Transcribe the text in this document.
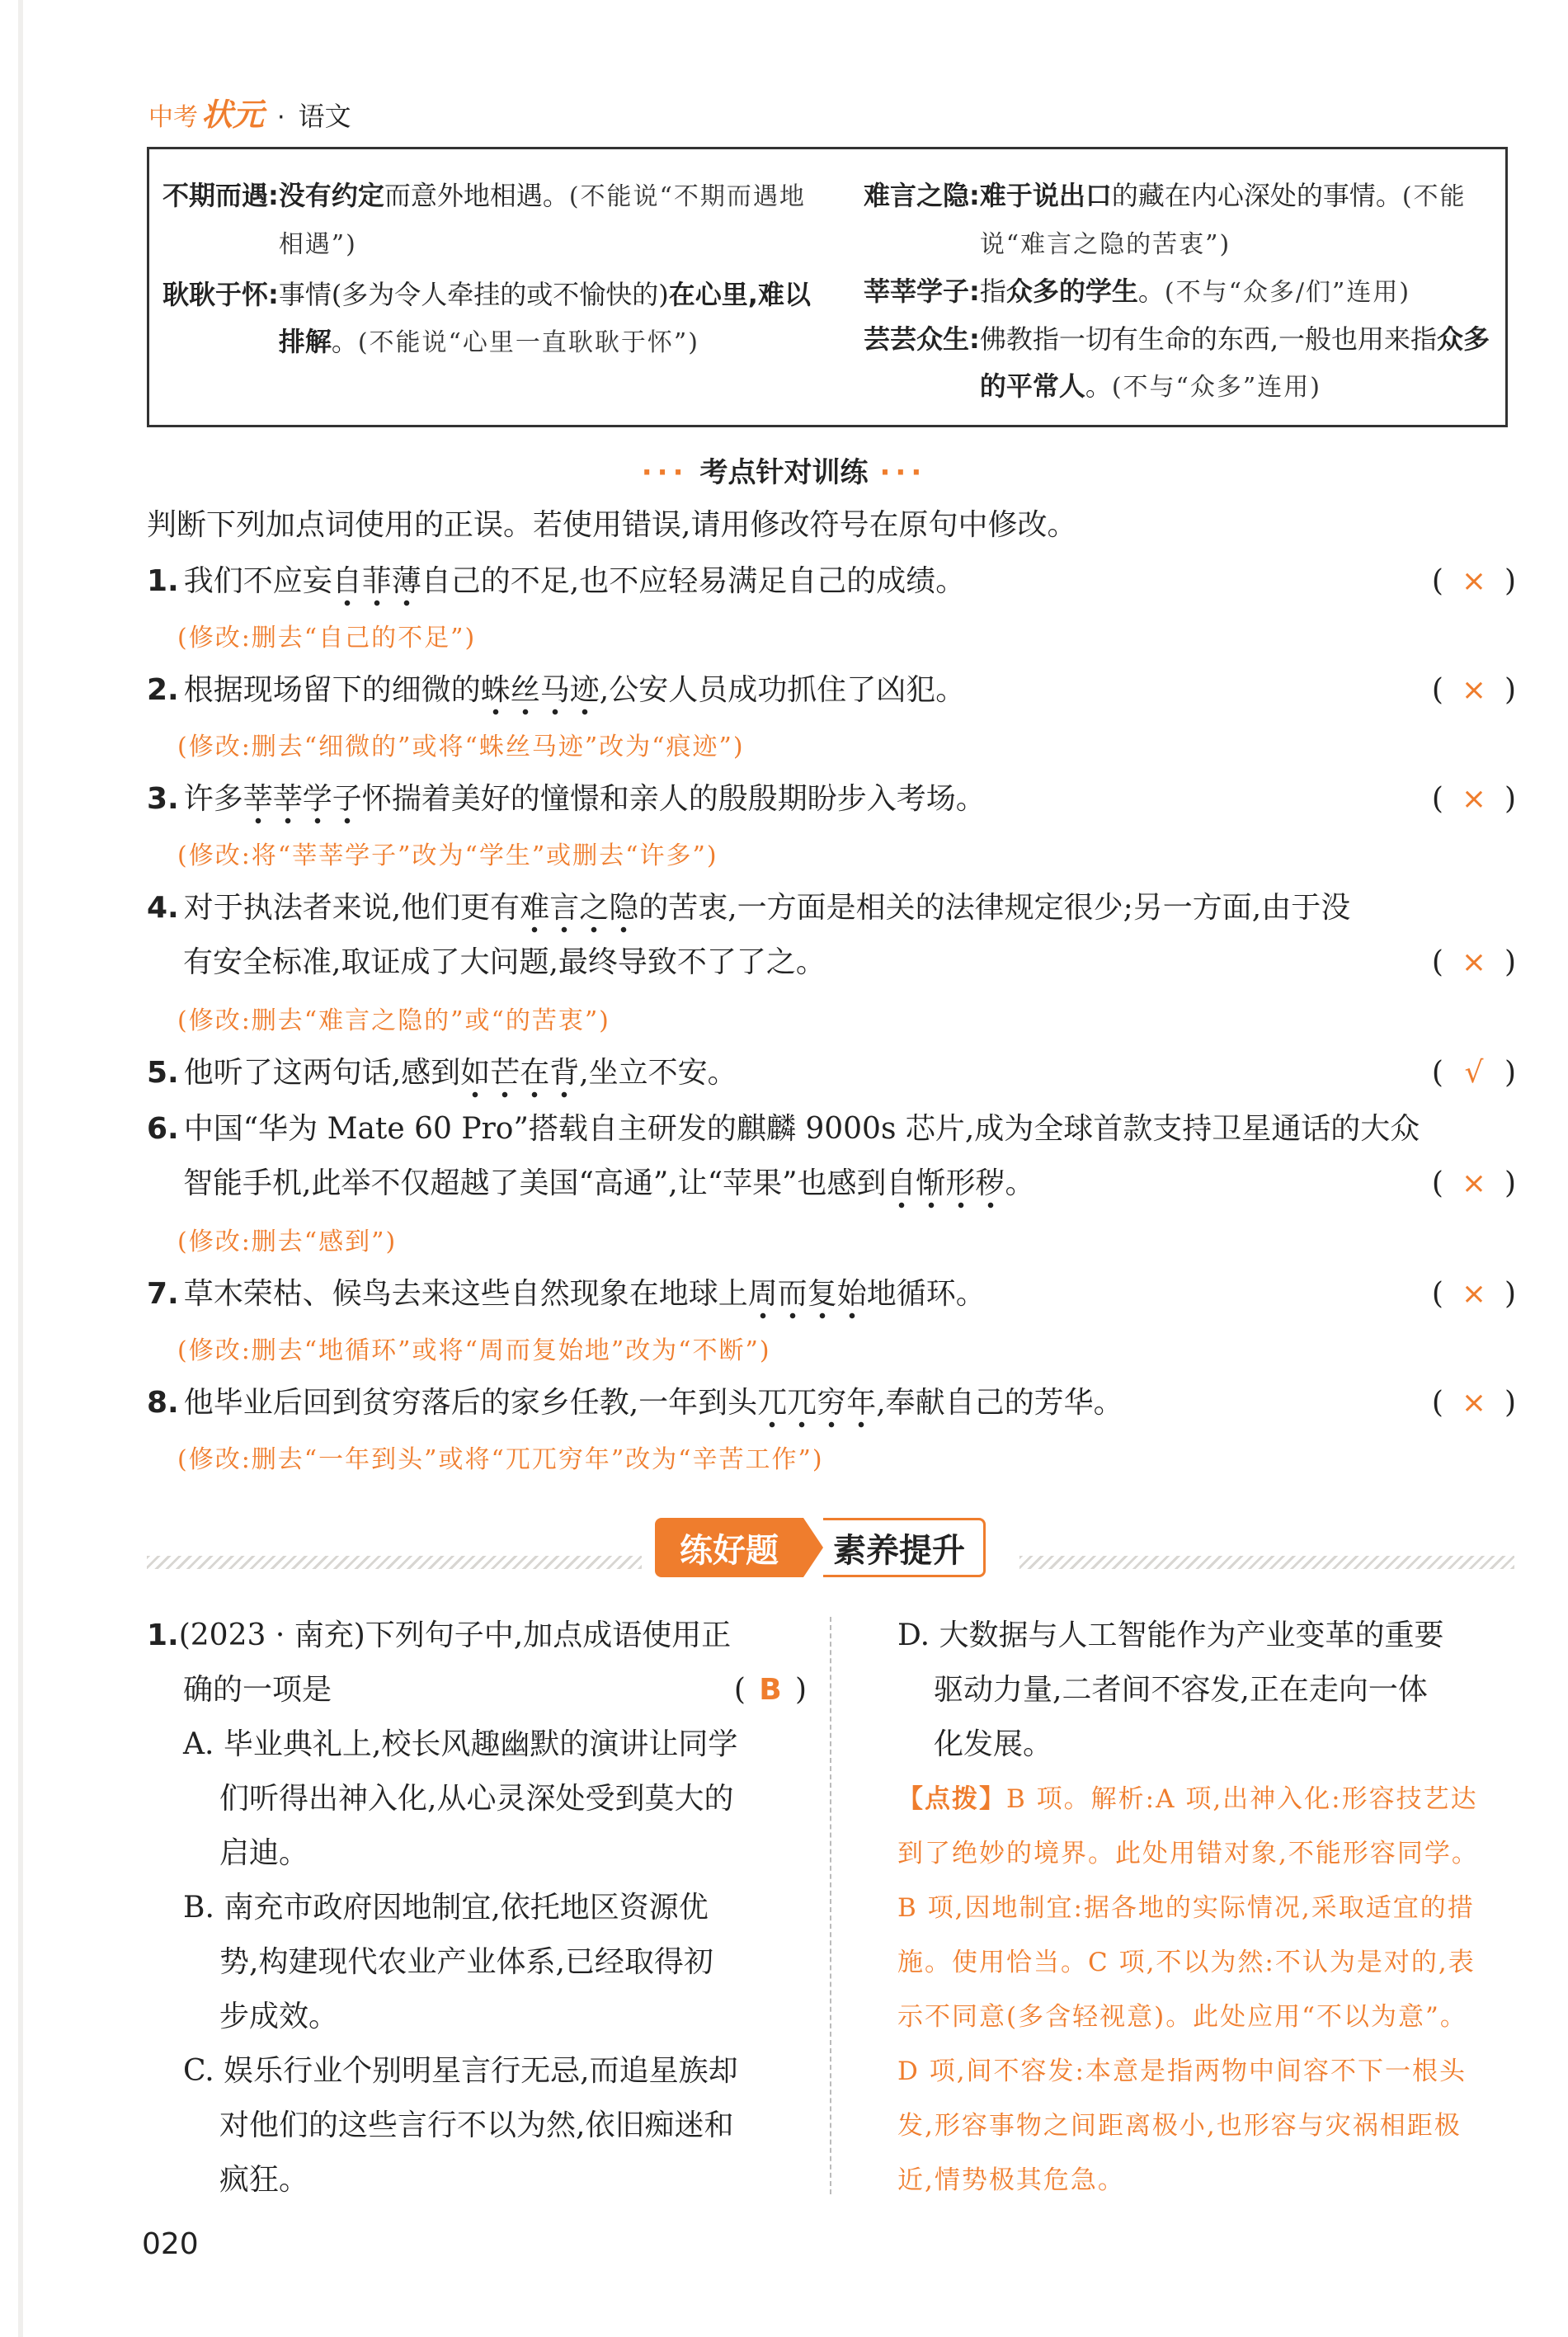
中考 状元 · 语文
不期而遇: 没有约定而意外地相遇。(不能说“不期而遇地相遇”)
耿耿于怀: 事情(多为令人牵挂的或不愉快的)在心里,难以排解。(不能说“心里一直耿耿于怀”)
难言之隐: 难于说出口的藏在内心深处的事情。(不能说“难言之隐的苦衷”)
莘莘学子: 指众多的学生。(不与“众多/们”连用)
芸芸众生: 佛教指一切有生命的东西,一般也用来指众多的平常人。(不与“众多”连用)
··· 考点针对训练 ···
判断下列加点词使用的正误。若使用错误,请用修改符号在原句中修改。
1. 我们不应妄自菲薄自己的不足,也不应轻易满足自己的成绩。	( × )
(修改:删去“自己的不足”)
2. 根据现场留下的细微的蛛丝马迹,公安人员成功抓住了凶犯。	( × )
(修改:删去“细微的”或将“蛛丝马迹”改为“痕迹”)
3. 许多莘莘学子怀揣着美好的憧憬和亲人的殷殷期盼步入考场。	( × )
(修改:将“莘莘学子”改为“学生”或删去“许多”)
4. 对于执法者来说,他们更有难言之隐的苦衷,一方面是相关的法律规定很少;另一方面,由于没
有安全标准,取证成了大问题,最终导致不了了之。	( × )
(修改:删去“难言之隐的”或“的苦衷”)
5. 他听了这两句话,感到如芒在背,坐立不安。	( √ )
6. 中国“华为 Mate 60 Pro”搭载自主研发的麒麟 9000s 芯片,成为全球首款支持卫星通话的大众
智能手机,此举不仅超越了美国“高通”,让“苹果”也感到自惭形秽。	( × )
(修改:删去“感到”)
7. 草木荣枯、候鸟去来这些自然现象在地球上周而复始地循环。	( × )
(修改:删去“地循环”或将“周而复始地”改为“不断”)
8. 他毕业后回到贫穷落后的家乡任教,一年到头兀兀穷年,奉献自己的芳华。	( × )
(修改:删去“一年到头”或将“兀兀穷年”改为“辛苦工作”)
练好题	素养提升
1.(2023 · 南充)下列句子中,加点成语使用正
确的一项是	( B )
A. 毕业典礼上,校长风趣幽默的演讲让同学
们听得出神入化,从心灵深处受到莫大的
启迪。
B. 南充市政府因地制宜,依托地区资源优
势,构建现代农业产业体系,已经取得初
步成效。
C. 娱乐行业个别明星言行无忌,而追星族却
对他们的这些言行不以为然,依旧痴迷和
疯狂。
D. 大数据与人工智能作为产业变革的重要
驱动力量,二者间不容发,正在走向一体
化发展。
【点拨】B 项。解析:A 项,出神入化:形容技艺达
到了绝妙的境界。此处用错对象,不能形容同学。
B 项,因地制宜:据各地的实际情况,采取适宜的措
施。使用恰当。C 项,不以为然:不认为是对的,表
示不同意(多含轻视意)。此处应用“不以为意”。
D 项,间不容发:本意是指两物中间容不下一根头
发,形容事物之间距离极小,也形容与灾祸相距极
近,情势极其危急。
020
